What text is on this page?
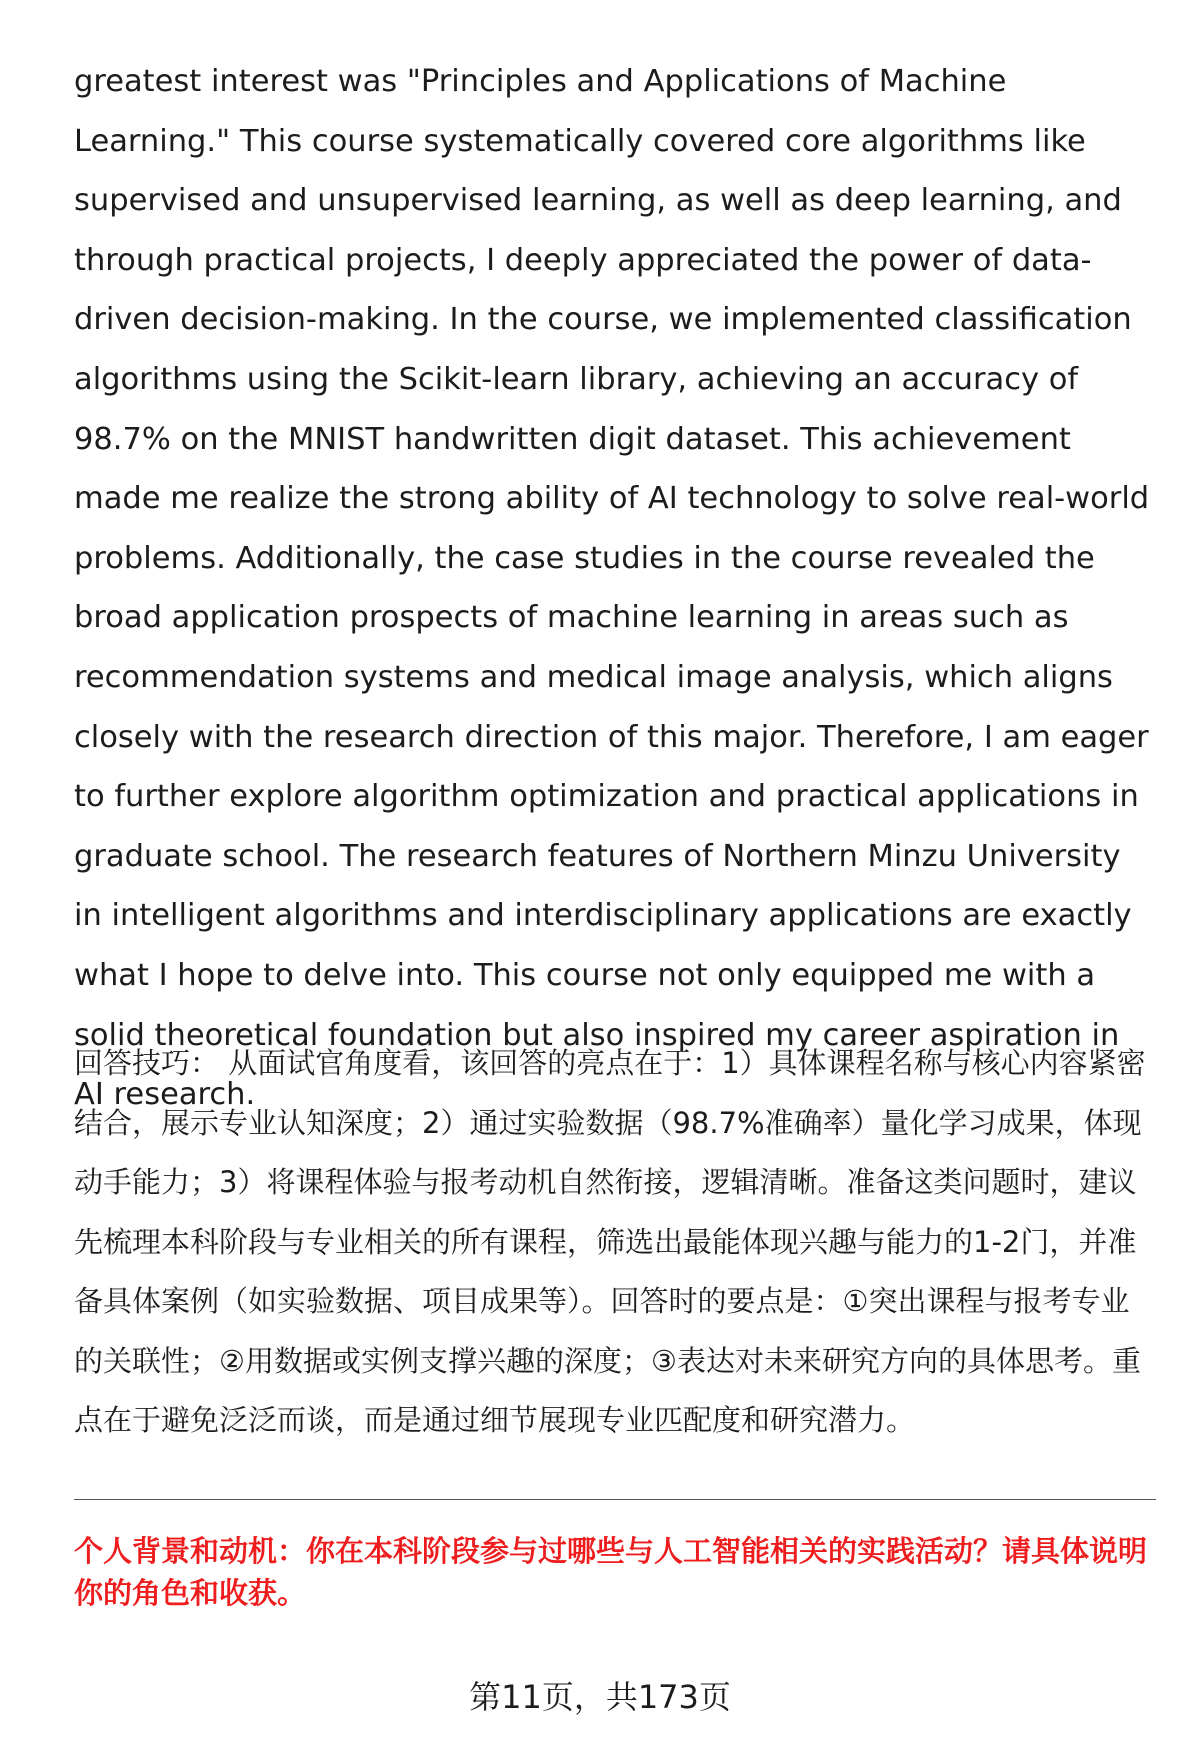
greatest interest was "Principles and Applications of Machine Learning." This course systematically covered core algorithms like supervised and unsupervised learning, as well as deep learning, and through practical projects, I deeply appreciated the power of data-driven decision-making. In the course, we implemented classification algorithms using the Scikit-learn library, achieving an accuracy of 98.7% on the MNIST handwritten digit dataset. This achievement made me realize the strong ability of AI technology to solve real-world problems. Additionally, the case studies in the course revealed the broad application prospects of machine learning in areas such as recommendation systems and medical image analysis, which aligns closely with the research direction of this major. Therefore, I am eager to further explore algorithm optimization and practical applications in graduate school. The research features of Northern Minzu University in intelligent algorithms and interdisciplinary applications are exactly what I hope to delve into. This course not only equipped me with a solid theoretical foundation but also inspired my career aspiration in AI research.

回答技巧： 从面试官角度看，该回答的亮点在于：1）具体课程名称与核心内容紧密结合，展示专业认知深度；2）通过实验数据（98.7%准确率）量化学习成果，体现动手能力；3）将课程体验与报考动机自然衔接，逻辑清晰。准备这类问题时，建议先梳理本科阶段与专业相关的所有课程，筛选出最能体现兴趣与能力的1-2门，并准备具体案例（如实验数据、项目成果等）。回答时的要点是：①突出课程与报考专业的关联性；②用数据或实例支撑兴趣的深度；③表达对未来研究方向的具体思考。重点在于避免泛泛而谈，而是通过细节展现专业匹配度和研究潜力。

个人背景和动机：你在本科阶段参与过哪些与人工智能相关的实践活动？请具体说明你的角色和收获。

第11页，共173页
